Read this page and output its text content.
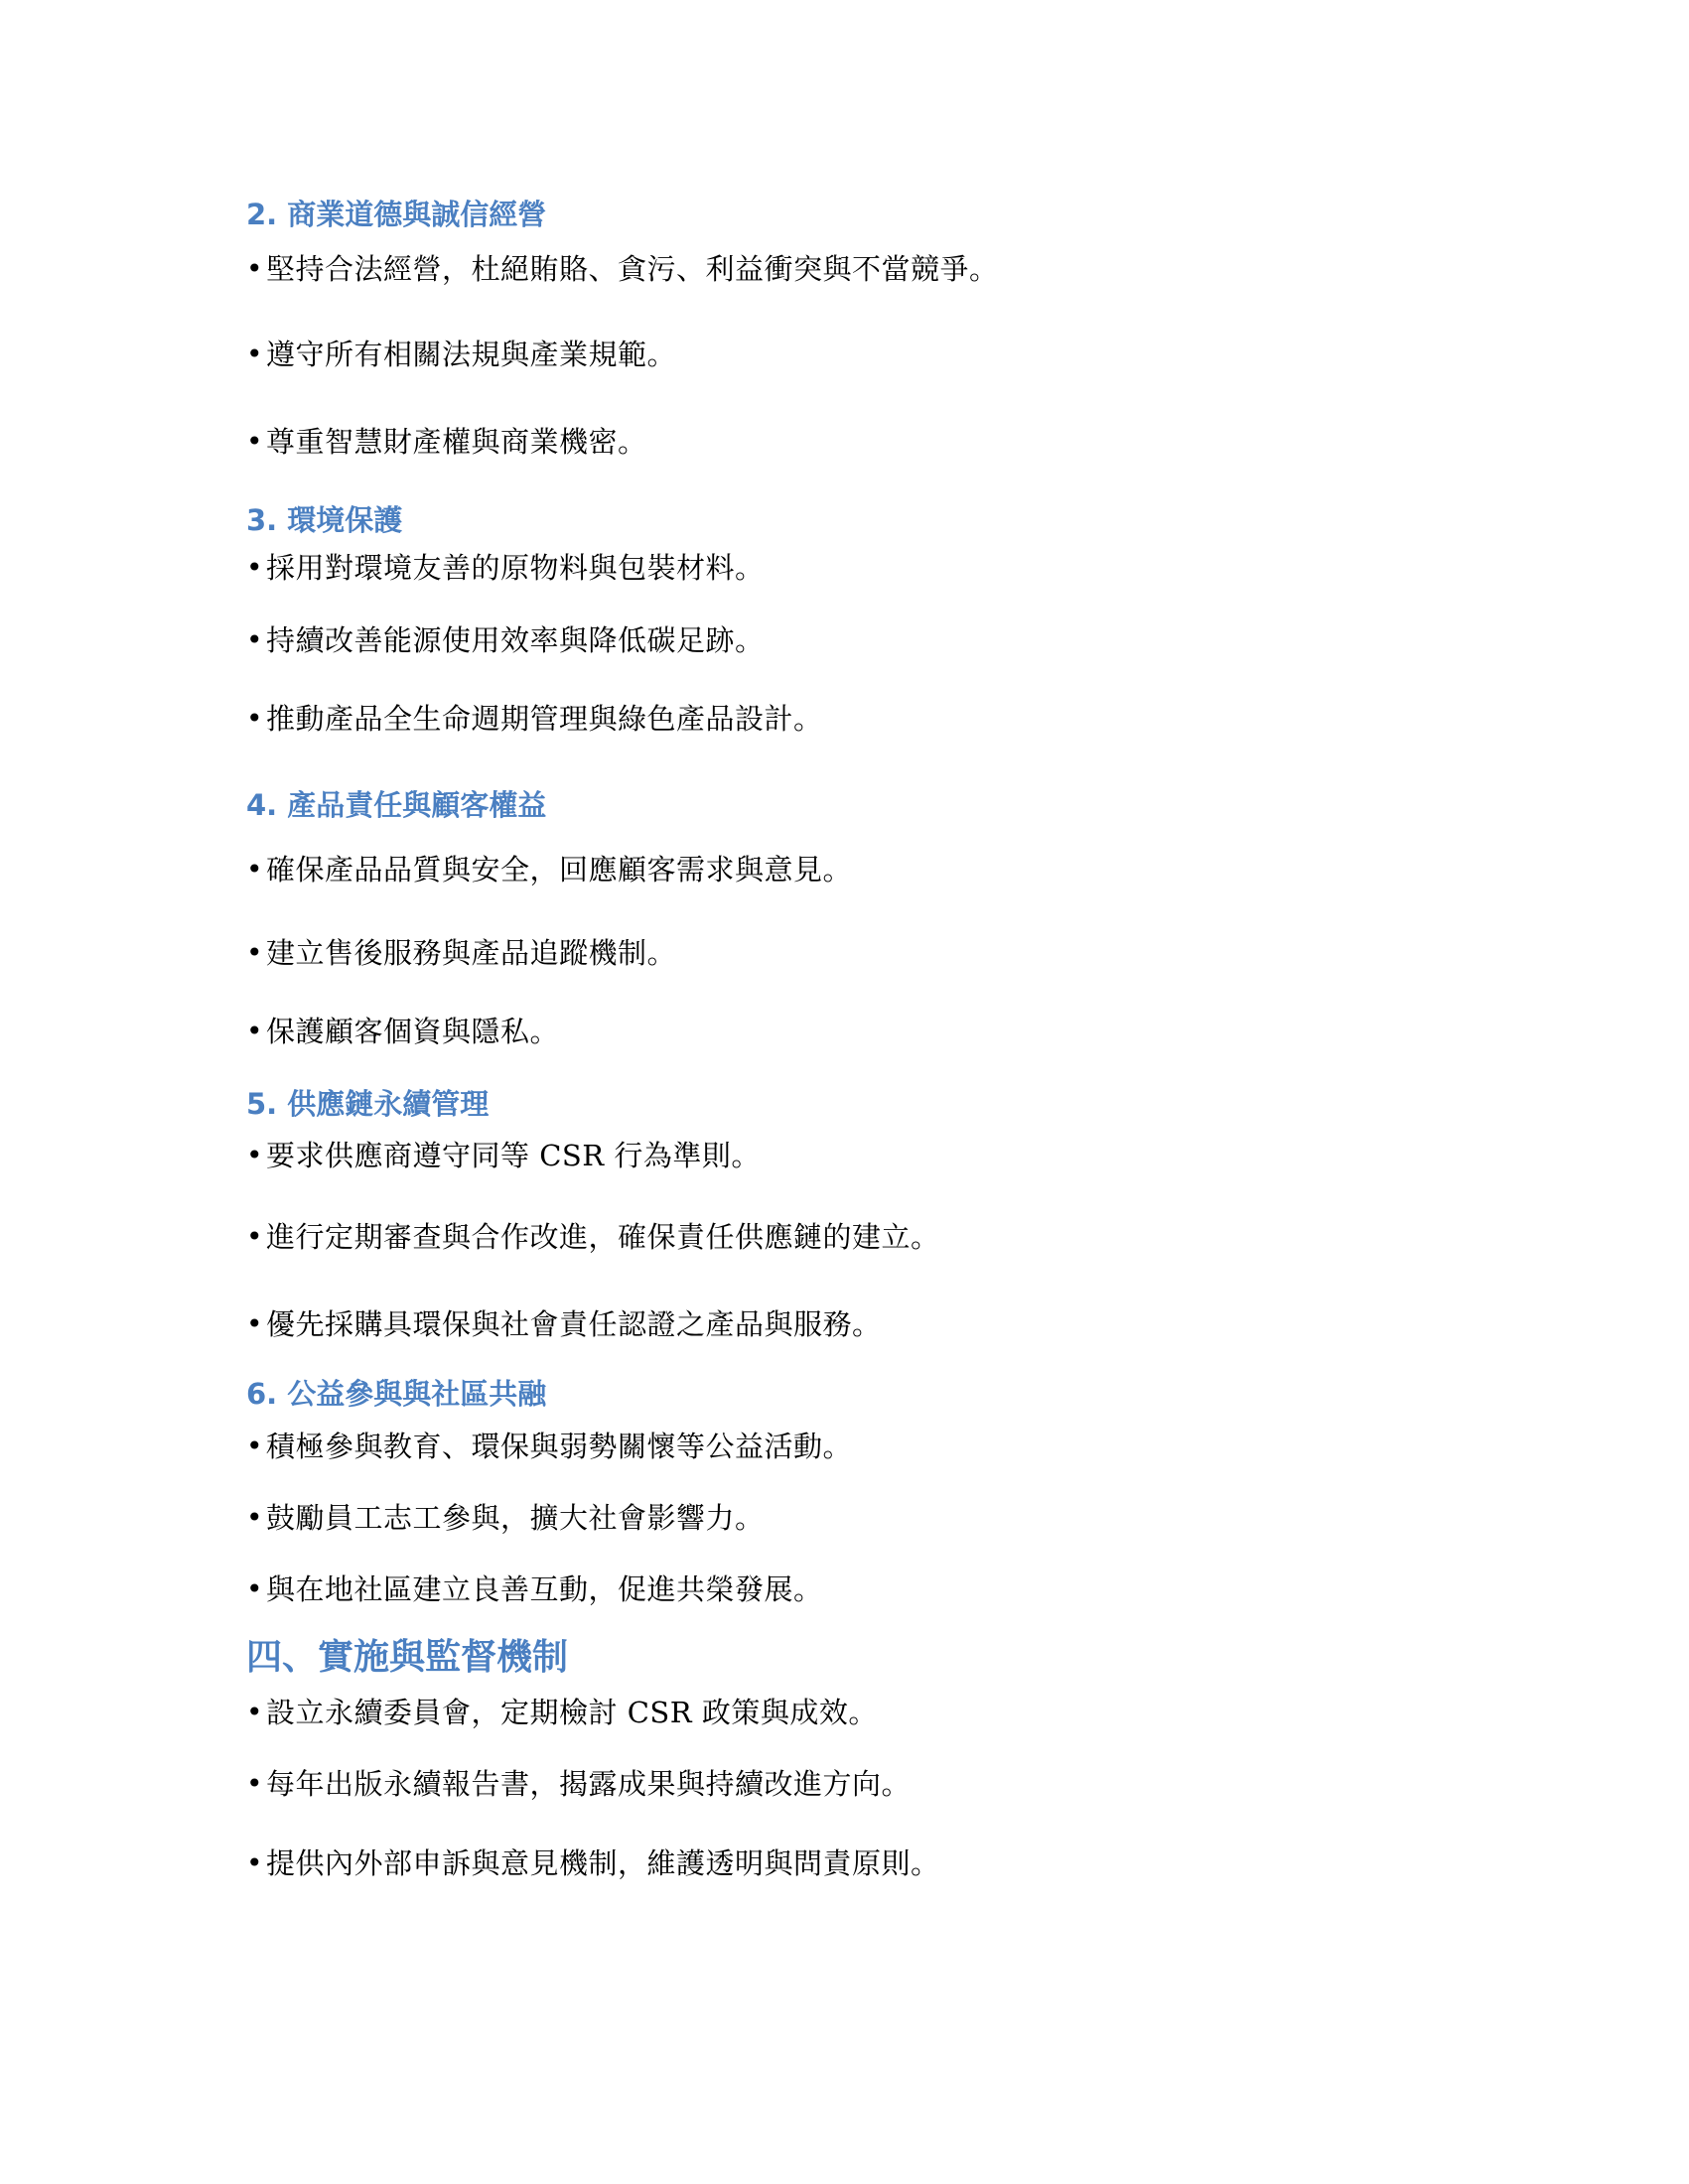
2. 商業道德與誠信經營
• 堅持合法經營，杜絕賄賂、貪污、利益衝突與不當競爭。
• 遵守所有相關法規與產業規範。
• 尊重智慧財產權與商業機密。
3. 環境保護
• 採用對環境友善的原物料與包裝材料。
• 持續改善能源使用效率與降低碳足跡。
• 推動產品全生命週期管理與綠色產品設計。
4. 產品責任與顧客權益
• 確保產品品質與安全，回應顧客需求與意見。
• 建立售後服務與產品追蹤機制。
• 保護顧客個資與隱私。
5. 供應鏈永續管理
• 要求供應商遵守同等 CSR 行為準則。
• 進行定期審查與合作改進，確保責任供應鏈的建立。
• 優先採購具環保與社會責任認證之產品與服務。
6. 公益參與與社區共融
• 積極參與教育、環保與弱勢關懷等公益活動。
• 鼓勵員工志工參與，擴大社會影響力。
• 與在地社區建立良善互動，促進共榮發展。
四、實施與監督機制
• 設立永續委員會，定期檢討 CSR 政策與成效。
• 每年出版永續報告書，揭露成果與持續改進方向。
• 提供內外部申訴與意見機制，維護透明與問責原則。
